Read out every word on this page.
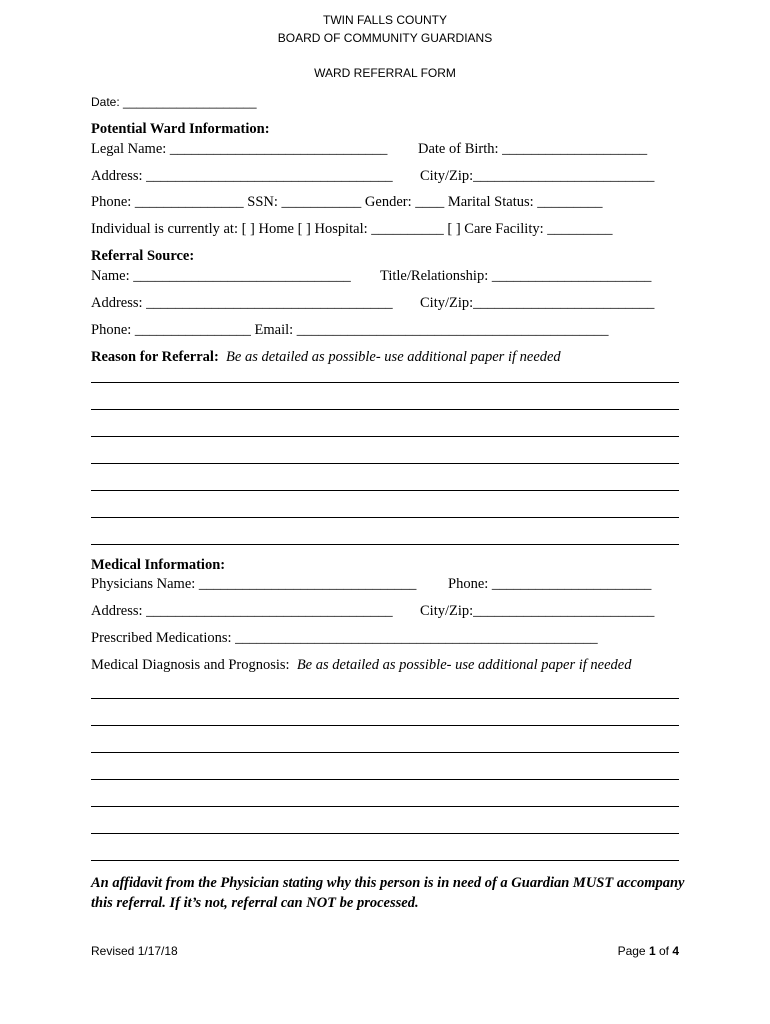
TWIN FALLS COUNTY
BOARD OF COMMUNITY GUARDIANS
WARD REFERRAL FORM
Date: ____________________
Potential Ward Information:
Legal Name: ______________________________ Date of Birth: ____________________
Address: __________________________________ City/Zip:_________________________
Phone: _______________ SSN: ___________ Gender: ____ Marital Status: _________
Individual is currently at: [ ] Home [ ] Hospital: __________ [ ] Care Facility: _________
Referral Source:
Name: ______________________________ Title/Relationship: ______________________
Address: __________________________________ City/Zip:_________________________
Phone: ________________ Email: ___________________________________________
Reason for Referral: Be as detailed as possible- use additional paper if needed
Medical Information:
Physicians Name: ______________________________ Phone: ______________________
Address: __________________________________ City/Zip:_________________________
Prescribed Medications: __________________________________________________
Medical Diagnosis and Prognosis: Be as detailed as possible- use additional paper if needed
An affidavit from the Physician stating why this person is in need of a Guardian MUST accompany this referral. If it’s not, referral can NOT be processed.
Revised 1/17/18	Page 1 of 4
